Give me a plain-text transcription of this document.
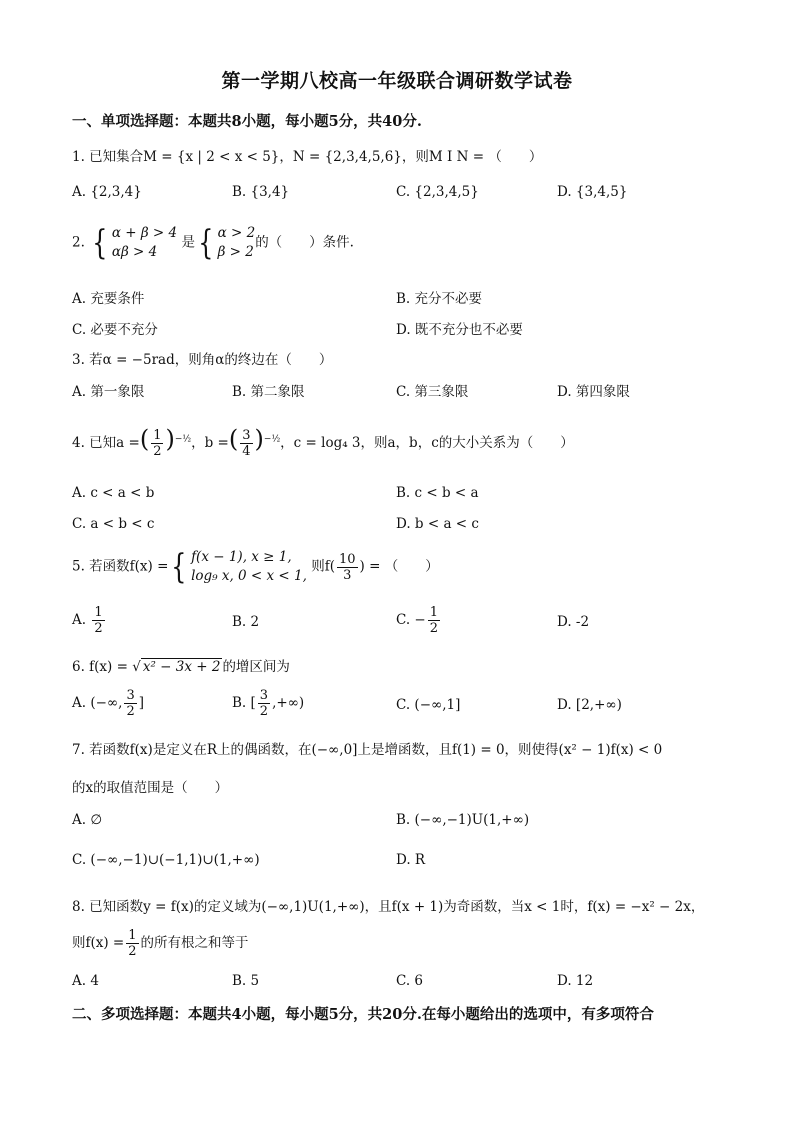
第一学期八校高一年级联合调研数学试卷
一、单项选择题：本题共8小题，每小题5分，共40分.
1. 已知集合M = {x | 2 < x < 5}，N = {2,3,4,5,6}，则M I N = （　　）
A. {2,3,4}	B. {3,4}	C. {2,3,4,5}	D. {3,4,5}
2. { α + β > 4
αβ > 4 是{ α > 2
β > 2的（　　）条件.
A. 充要条件	B. 充分不必要
C. 必要不充分	D. 既不充分也不必要
3. 若α = −5rad，则角α的终边在（　　）
A. 第一象限	B. 第二象限	C. 第三象限	D. 第四象限
4. 已知a =( $\frac{1}{2} )^{-\frac{1}{2}}$，b =( $\frac{3}{4} )^{-\frac{1}{2}}$，c = log₄ 3，则a，b，c的大小关系为（　　）
A. c < a < b	B. c < b < a
C. a < b < c	D. b < a < c
5. 若函数f(x) ={ f(x − 1), x ≥ 1,
log₉ x, 0 < x < 1, 则$f( \frac{10}{3}$ ) = （　　）
A. $\frac{1}{2}$	B. 2	C. − $\frac{1}{2}$	D. -2
6. f(x) = √ x² − 3x + 2 的增区间为
A. (−∞, $\frac{3}{2}$ ]	B. [ $\frac{3}{2}$ ,+∞)	C. (−∞,1]	D. [2,+∞)
7. 若函数f(x)是定义在R上的偶函数，在(−∞,0]上是增函数，且f(1) = 0，则使得(x² − 1)f(x) < 0
的x的取值范围是（　　）
A. ∅	B. (−∞,−1)U(1,+∞)
C. (−∞,−1)∪(−1,1)∪(1,+∞)	D. R
8. 已知函数y = f(x)的定义域为(−∞,1)U(1,+∞)，且f(x + 1)为奇函数，当x < 1时，f(x) = −x² − 2x，
则$f(x) = \frac{1}{2}$ 的所有根之和等于
A. 4	B. 5	C. 6	D. 12
二、多项选择题：本题共4小题，每小题5分，共20分.在每小题给出的选项中，有多项符合
